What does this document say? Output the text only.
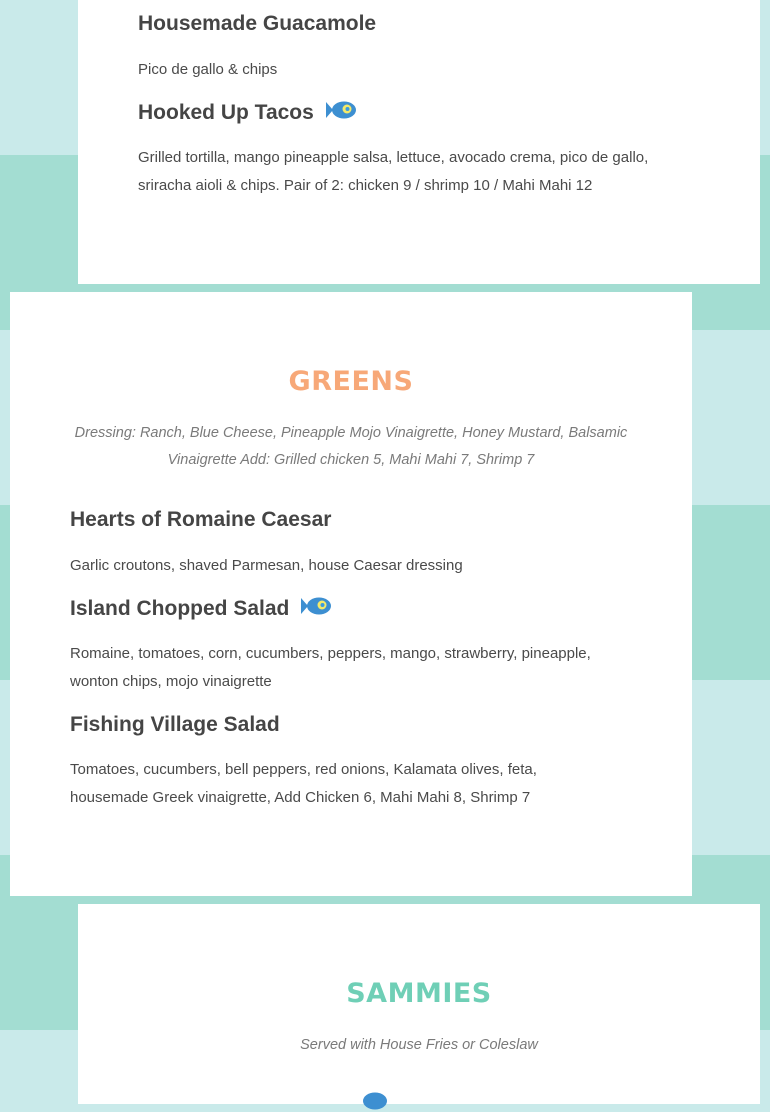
Housemade Guacamole

Pico de gallo & chips

Hooked Up Tacos

Grilled tortilla, mango pineapple salsa, lettuce, avocado crema, pico de gallo,
sriracha aioli & chips. Pair of 2: chicken 9 / shrimp 10 / Mahi Mahi 12

GREENS

Dressing: Ranch, Blue Cheese, Pineapple Mojo Vinaigrette, Honey Mustard, Balsamic
Vinaigrette Add: Grilled chicken 5, Mahi Mahi 7, Shrimp 7

Hearts of Romaine Caesar

Garlic croutons, shaved Parmesan, house Caesar dressing

Island Chopped Salad

Romaine, tomatoes, corn, cucumbers, peppers, mango, strawberry, pineapple,
wonton chips, mojo vinaigrette

Fishing Village Salad

Tomatoes, cucumbers, bell peppers, red onions, Kalamata olives, feta,
housemade Greek vinaigrette, Add Chicken 6, Mahi Mahi 8, Shrimp 7

SAMMIES

Served with House Fries or Coleslaw
